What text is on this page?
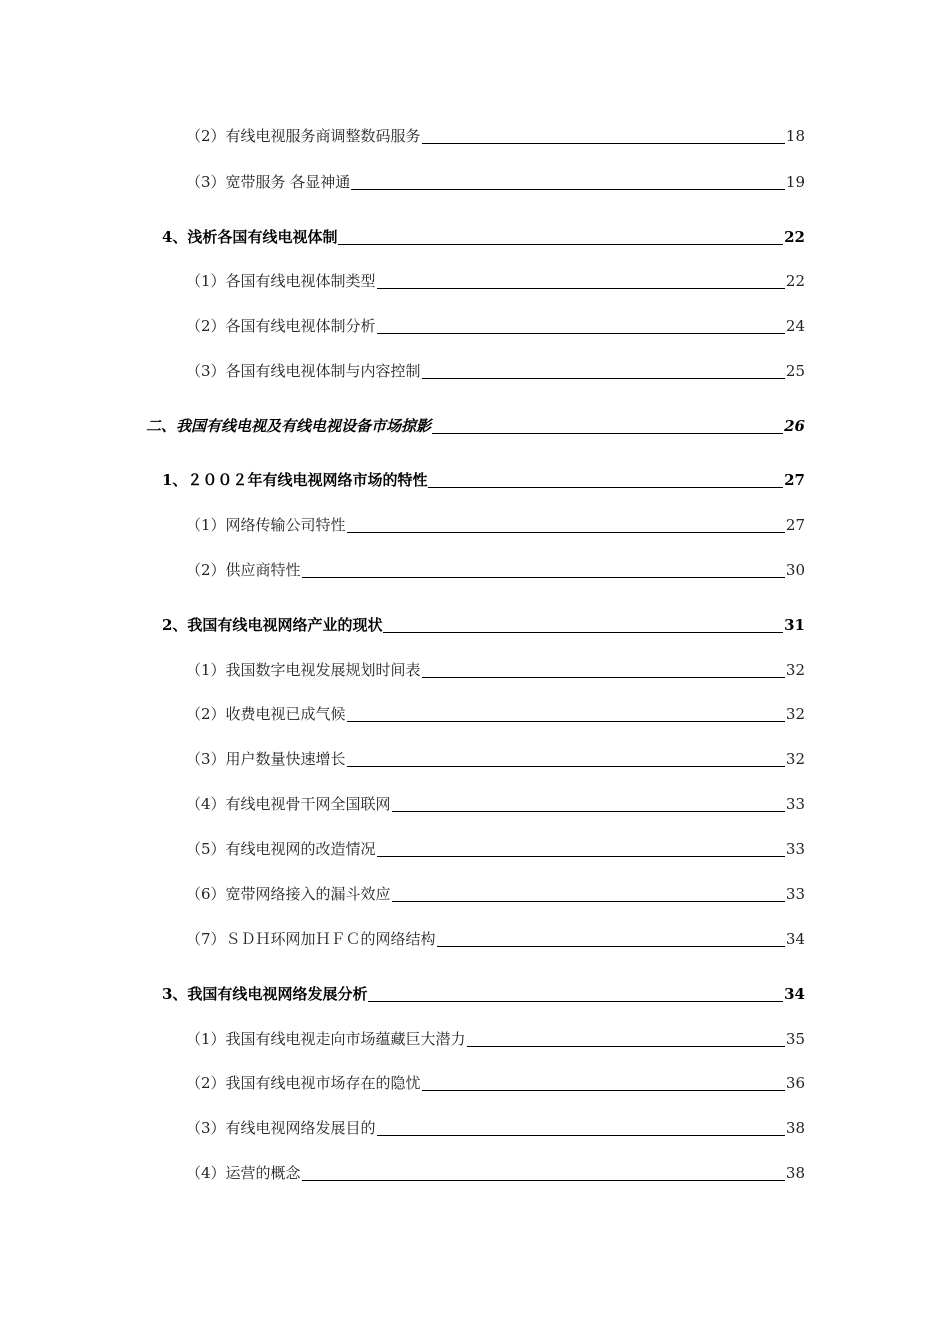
（2）有线电视服务商调整数码服务	18
（3）宽带服务 各显神通	19
4、浅析各国有线电视体制	22
（1）各国有线电视体制类型	22
（2）各国有线电视体制分析	24
（3）各国有线电视体制与内容控制	25
二、我国有线电视及有线电视设备市场掠影	26
1、２００２年有线电视网络市场的特性	27
（1）网络传输公司特性	27
（2）供应商特性	30
2、我国有线电视网络产业的现状	31
（1）我国数字电视发展规划时间表	32
（2）收费电视已成气候	32
（3）用户数量快速增长	32
（4）有线电视骨干网全国联网	33
（5）有线电视网的改造情况	33
（6）宽带网络接入的漏斗效应	33
（7）ＳＤＨ环网加ＨＦＣ的网络结构	34
3、我国有线电视网络发展分析	34
（1）我国有线电视走向市场蕴藏巨大潜力	35
（2）我国有线电视市场存在的隐忧	36
（3）有线电视网络发展目的	38
（4）运营的概念	38
